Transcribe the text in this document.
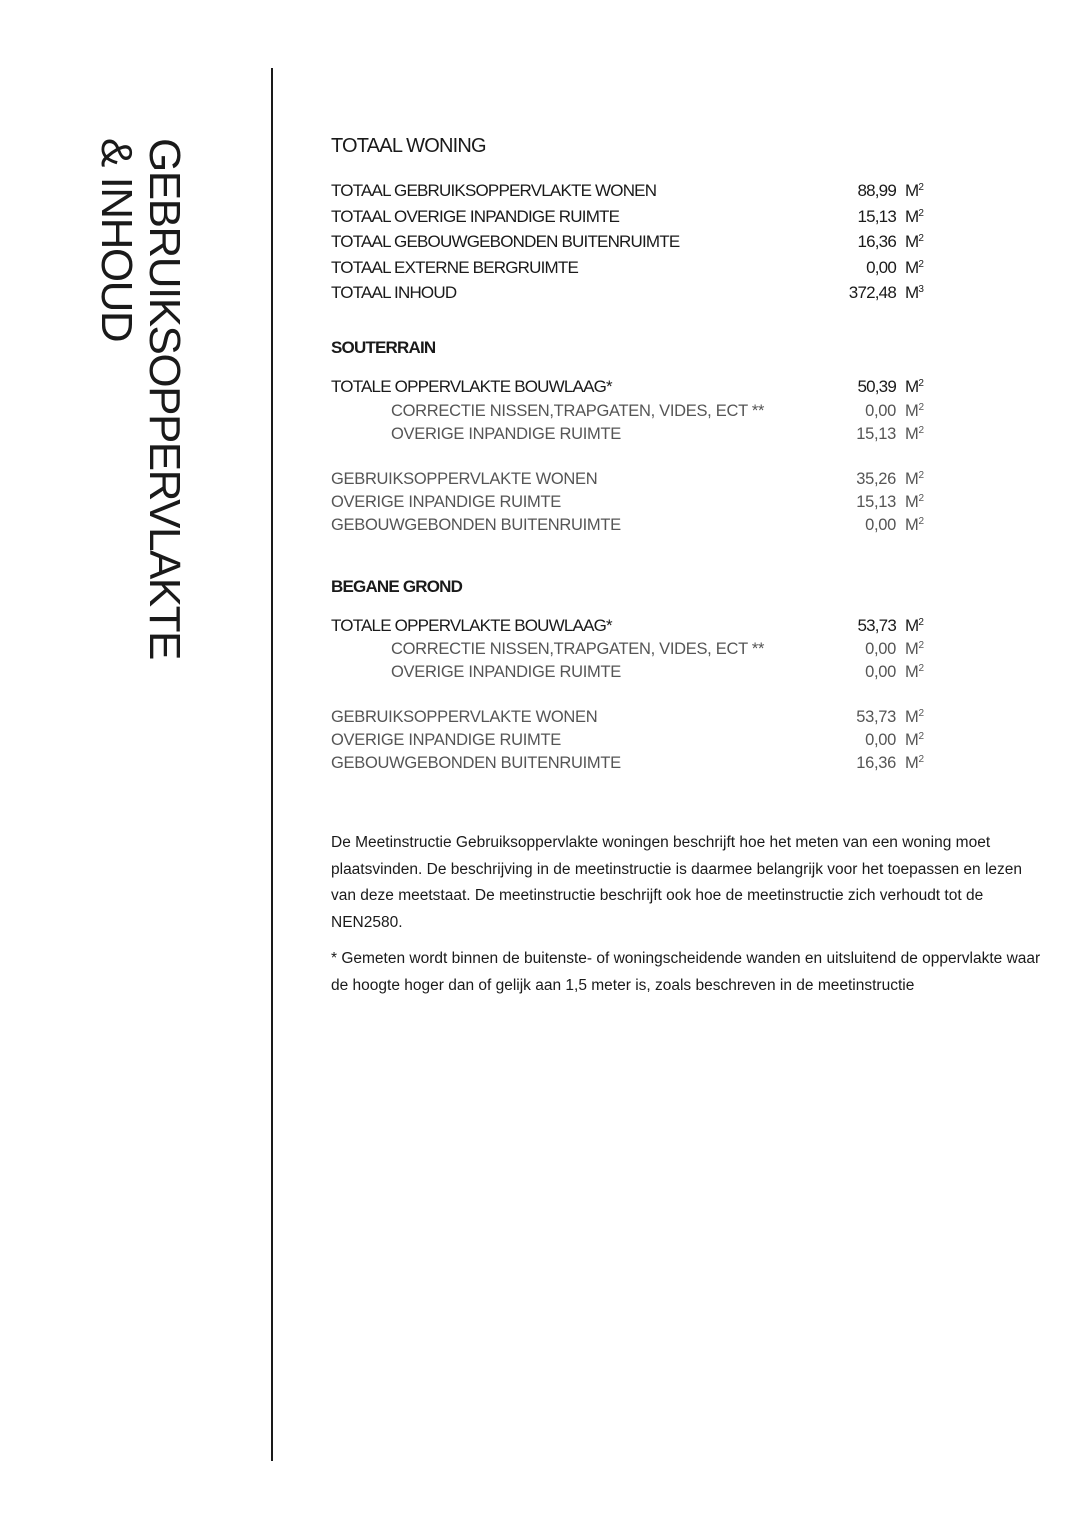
GEBRUIKSOPPERVLAKTE
& INHOUD	TOTAAL WONING
TOTAAL GEBRUIKSOPPERVLAKTE WONEN	88,99 $M^2$
TOTAAL OVERIGE INPANDIGE RUIMTE	15,13 $M^2$
TOTAAL GEBOUWGEBONDEN BUITENRUIMTE	16,36 $M^2$
TOTAAL EXTERNE BERGRUIMTE	0,00 $M^2$
TOTAAL INHOUD	372,48 $M^3$
SOUTERRAIN
TOTALE OPPERVLAKTE BOUWLAAG*	50,39 $M^2$
CORRECTIE NISSEN,TRAPGATEN, VIDES, ECT **	0,00 $M^2$
OVERIGE INPANDIGE RUIMTE	15,13 $M^2$
GEBRUIKSOPPERVLAKTE WONEN	35,26 $M^2$
OVERIGE INPANDIGE RUIMTE	15,13 $M^2$
GEBOUWGEBONDEN BUITENRUIMTE	0,00 $M^2$
BEGANE GROND
TOTALE OPPERVLAKTE BOUWLAAG*	53,73 $M^2$
CORRECTIE NISSEN,TRAPGATEN, VIDES, ECT **	0,00 $M^2$
OVERIGE INPANDIGE RUIMTE	0,00 $M^2$
GEBRUIKSOPPERVLAKTE WONEN	53,73 $M^2$
OVERIGE INPANDIGE RUIMTE	0,00 $M^2$
GEBOUWGEBONDEN BUITENRUIMTE	16,36 $M^2$

De Meetinstructie Gebruiksoppervlakte woningen beschrijft hoe het meten van een woning moet plaatsvinden. De beschrijving in de meetinstructie is daarmee belangrijk voor het toepassen en lezen van deze meetstaat. De meetinstructie beschrijft ook hoe de meetinstructie zich verhoudt tot de NEN2580.

* Gemeten wordt binnen de buitenste- of woningscheidende wanden en uitsluitend de oppervlakte waar de hoogte hoger dan of gelijk aan 1,5 meter is, zoals beschreven in de meetinstructie
